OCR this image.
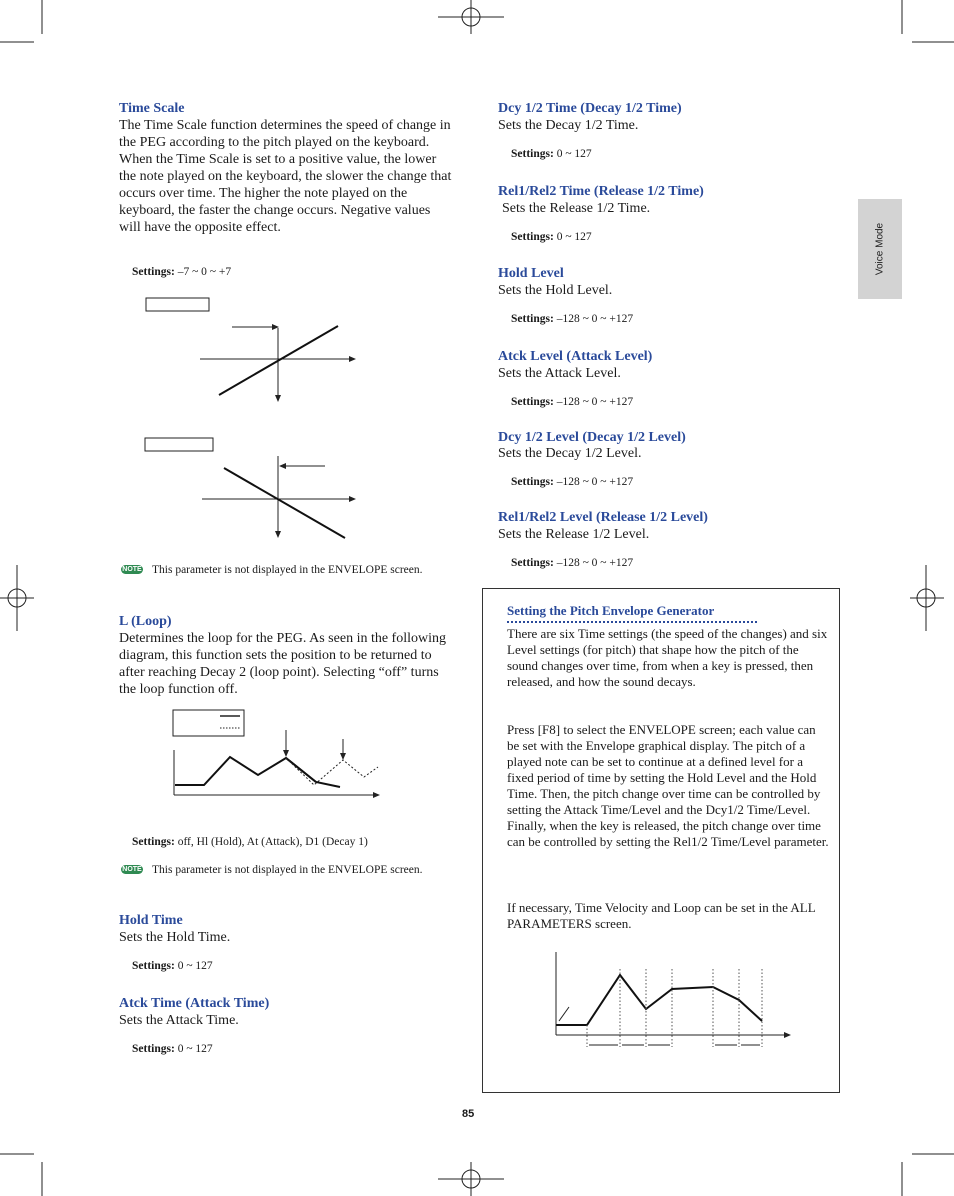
Voice Mode
Time Scale
The Time Scale function determines the speed of change in the PEG according to the pitch played on the keyboard. When the Time Scale is set to a positive value, the lower the note played on the keyboard, the slower the change that occurs over time. The higher the note played on the keyboard, the faster the change occurs. Negative values will have the opposite effect.
Settings: –7 ~ 0 ~ +7
NOTE This parameter is not displayed in the ENVELOPE screen.
L (Loop)
Determines the loop for the PEG. As seen in the following diagram, this function sets the position to be returned to after reaching Decay 2 (loop point). Selecting “off” turns the loop function off.
Settings: off, Hl (Hold), At (Attack), D1 (Decay 1)
NOTE This parameter is not displayed in the ENVELOPE screen.
Hold Time
Sets the Hold Time.
Settings: 0 ~ 127
Atck Time (Attack Time)
Sets the Attack Time.
Settings: 0 ~ 127
Dcy 1/2 Time (Decay 1/2 Time)
Sets the Decay 1/2 Time.
Settings: 0 ~ 127
Rel1/Rel2 Time (Release 1/2 Time)
Sets the Release 1/2 Time.
Settings: 0 ~ 127
Hold Level
Sets the Hold Level.
Settings: –128 ~ 0 ~ +127
Atck Level (Attack Level)
Sets the Attack Level.
Settings: –128 ~ 0 ~ +127
Dcy 1/2 Level (Decay 1/2 Level)
Sets the Decay 1/2 Level.
Settings: –128 ~ 0 ~ +127
Rel1/Rel2 Level (Release 1/2 Level)
Sets the Release 1/2 Level.
Settings: –128 ~ 0 ~ +127
Setting the Pitch Envelope Generator
There are six Time settings (the speed of the changes) and six Level settings (for pitch) that shape how the pitch of the sound changes over time, from when a key is pressed, then released, and how the sound decays.
Press [F8] to select the ENVELOPE screen; each value can be set with the Envelope graphical display. The pitch of a played note can be set to continue at a defined level for a fixed period of time by setting the Hold Level and the Hold Time. Then, the pitch change over time can be controlled by setting the Attack Time/Level and the Dcy1/2 Time/Level. Finally, when the key is released, the pitch change over time can be controlled by setting the Rel1/2 Time/Level parameter.
If necessary, Time Velocity and Loop can be set in the ALL PARAMETERS screen.
85
